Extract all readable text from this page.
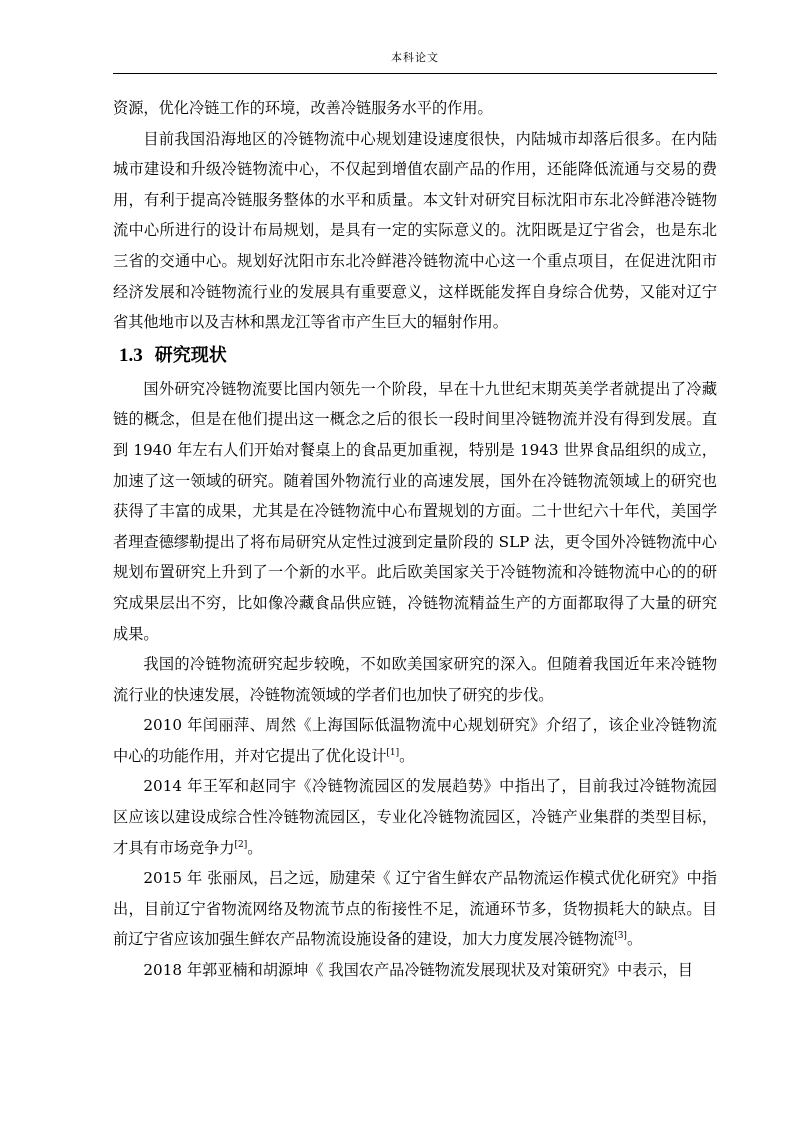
本科论文

资源，优化冷链工作的环境，改善冷链服务水平的作用。

目前我国沿海地区的冷链物流中心规划建设速度很快，内陆城市却落后很多。在内陆城市建设和升级冷链物流中心，不仅起到增值农副产品的作用，还能降低流通与交易的费用，有利于提高冷链服务整体的水平和质量。本文针对研究目标沈阳市东北冷鲜港冷链物流中心所进行的设计布局规划，是具有一定的实际意义的。沈阳既是辽宁省会，也是东北三省的交通中心。规划好沈阳市东北冷鲜港冷链物流中心这一个重点项目，在促进沈阳市经济发展和冷链物流行业的发展具有重要意义，这样既能发挥自身综合优势，又能对辽宁省其他地市以及吉林和黑龙江等省市产生巨大的辐射作用。

1.3 研究现状

国外研究冷链物流要比国内领先一个阶段，早在十九世纪末期英美学者就提出了冷藏链的概念，但是在他们提出这一概念之后的很长一段时间里冷链物流并没有得到发展。直到 1940 年左右人们开始对餐桌上的食品更加重视，特别是 1943 世界食品组织的成立，加速了这一领域的研究。随着国外物流行业的高速发展，国外在冷链物流领域上的研究也获得了丰富的成果，尤其是在冷链物流中心布置规划的方面。二十世纪六十年代，美国学者理查德缪勒提出了将布局研究从定性过渡到定量阶段的 SLP 法，更令国外冷链物流中心规划布置研究上升到了一个新的水平。此后欧美国家关于冷链物流和冷链物流中心的的研究成果层出不穷，比如像冷藏食品供应链，冷链物流精益生产的方面都取得了大量的研究成果。

我国的冷链物流研究起步较晚，不如欧美国家研究的深入。但随着我国近年来冷链物流行业的快速发展，冷链物流领域的学者们也加快了研究的步伐。

2010 年闰丽萍、周然《上海国际低温物流中心规划研究》介绍了，该企业冷链物流中心的功能作用，并对它提出了优化设计[1]。

2014 年王军和赵同宇《冷链物流园区的发展趋势》中指出了，目前我过冷链物流园区应该以建设成综合性冷链物流园区，专业化冷链物流园区，冷链产业集群的类型目标，才具有市场竞争力[2]。

2015 年 张丽凤，吕之远，励建荣《 辽宁省生鲜农产品物流运作模式优化研究》中指出，目前辽宁省物流网络及物流节点的衔接性不足，流通环节多，货物损耗大的缺点。目前辽宁省应该加强生鲜农产品物流设施设备的建设，加大力度发展冷链物流[3]。

2018 年郭亚楠和胡源坤《 我国农产品冷链物流发展现状及对策研究》中表示，目
